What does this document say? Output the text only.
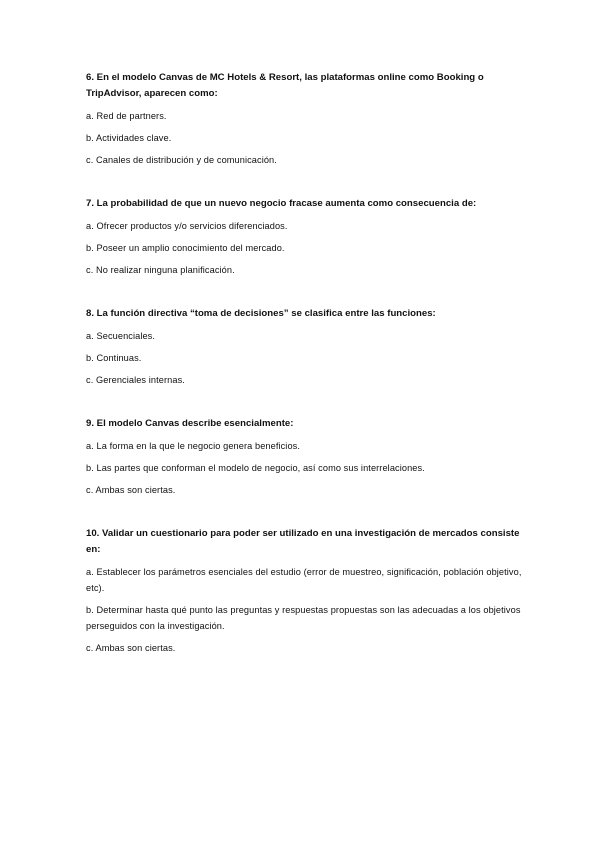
6. En el modelo Canvas de MC Hotels & Resort, las plataformas online como Booking o TripAdvisor, aparecen como:

a. Red de partners.

b. Actividades clave.

c. Canales de distribución y de comunicación.

7. La probabilidad de que un nuevo negocio fracase aumenta como consecuencia de:

a. Ofrecer productos y/o servicios diferenciados.

b. Poseer un amplio conocimiento del mercado.

c. No realizar ninguna planificación.

8. La función directiva “toma de decisiones” se clasifica entre las funciones:

a. Secuenciales.

b. Continuas.

c. Gerenciales internas.

9. El modelo Canvas describe esencialmente:

a. La forma en la que le negocio genera beneficios.

b. Las partes que conforman el modelo de negocio, así como sus interrelaciones.

c. Ambas son ciertas.

10. Validar un cuestionario para poder ser utilizado en una investigación de mercados consiste en:

a. Establecer los parámetros esenciales del estudio (error de muestreo, significación, población objetivo, etc).

b. Determinar hasta qué punto las preguntas y respuestas propuestas son las adecuadas a los objetivos perseguidos con la investigación.

c. Ambas son ciertas.
